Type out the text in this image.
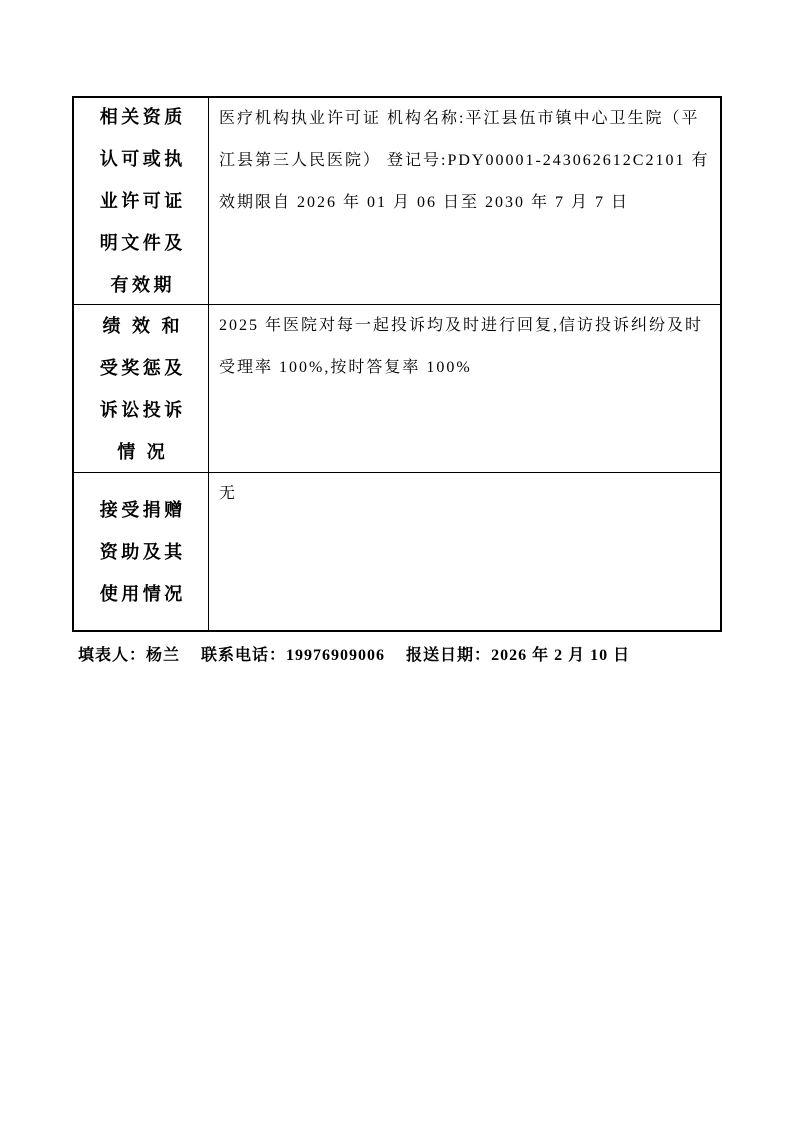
相关资质
认可或执
业许可证
明文件及
有效期
医疗机构执业许可证 机构名称:平江县伍市镇中心卫生院（平
江县第三人民医院） 登记号:PDY00001-243062612C2101 有
效期限自 2026 年 01 月 06 日至 2030 年 7 月 7 日
绩 效 和
受奖惩及
诉讼投诉
情 况
2025 年医院对每一起投诉均及时进行回复,信访投诉纠纷及时
受理率 100%,按时答复率 100%
接受捐赠
资助及其
使用情况
无
填表人：杨兰 联系电话：19976909006 报送日期：2026 年 2 月 10 日
